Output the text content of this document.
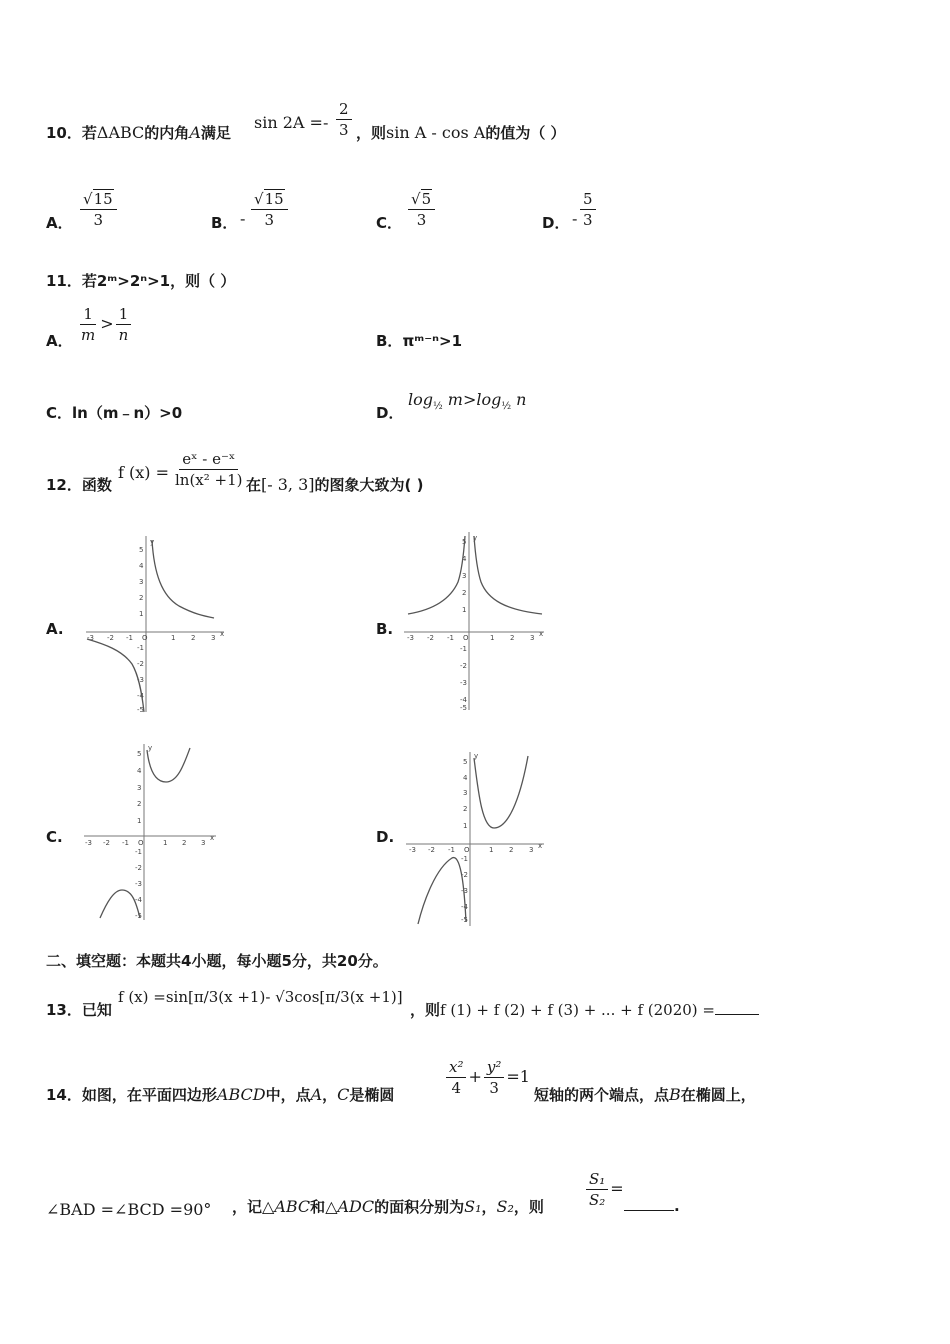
10．若ΔABC的内角A满足
$\sin 2A =- \frac{2}{3}$ ，则sin A - cos A的值为（ ）
A． $\frac{√15}{3}$	B． - $\frac{√15}{3}$	C． $\frac{√5}{3}$	D． - $\frac{5}{3}$
11．若2ᵐ>2ⁿ>1，则（ ）
A． $\frac{1}{m} > \frac{1}{n}$	B．πᵐ⁻ⁿ>1
C．ln（m﹣n）>0	D．
$\log_{\frac{1}{2}} m>\log_{\frac{1}{2}}$ n
12．函数
f $(x) = \frac{\text{eˣ - e⁻ˣ}}{\text{ln(x² +1)}}$ 在[- 3, 3]的图象大致为( )
A.	B.
C.	D.
-3 -2 -1 O	1 2 3 x
5
4
3
2
1
-1
-2
-3
-4
-5
y
-3 -2 -1 O	1 2 3 x
5
4
3
2
1
-1
-2
-3
-4
-5
y
-3 -2 -1 O	1 2 3
x
5
4
3
2
1
-1
-2
-3
-4
-5
y
-3 -2 -1 O	1 2 3 x
5
4
3
2
1
-1
-2
-3
-4
-5
y
二、填空题：本题共4小题，每小题5分，共20分。
13．已知
f (x) =sin[π/3(x +1)- √3cos[π/3(x +1)]
，则f (1) + f (2) + f (3) + ... + f (2020) =
14．如图，在平面四边形ABCD中，点A，C是椭圆	$\frac{\text{x²}}{4} + \frac{\text{y²}}{3} =1$
短轴的两个端点，点B在椭圆上，
∠BAD =∠BCD =90° ，记△ABC和△ADC的面积分别为S₁，S₂，则	$\frac{\text{S₁}}{\text{S₂}}$ =
.
